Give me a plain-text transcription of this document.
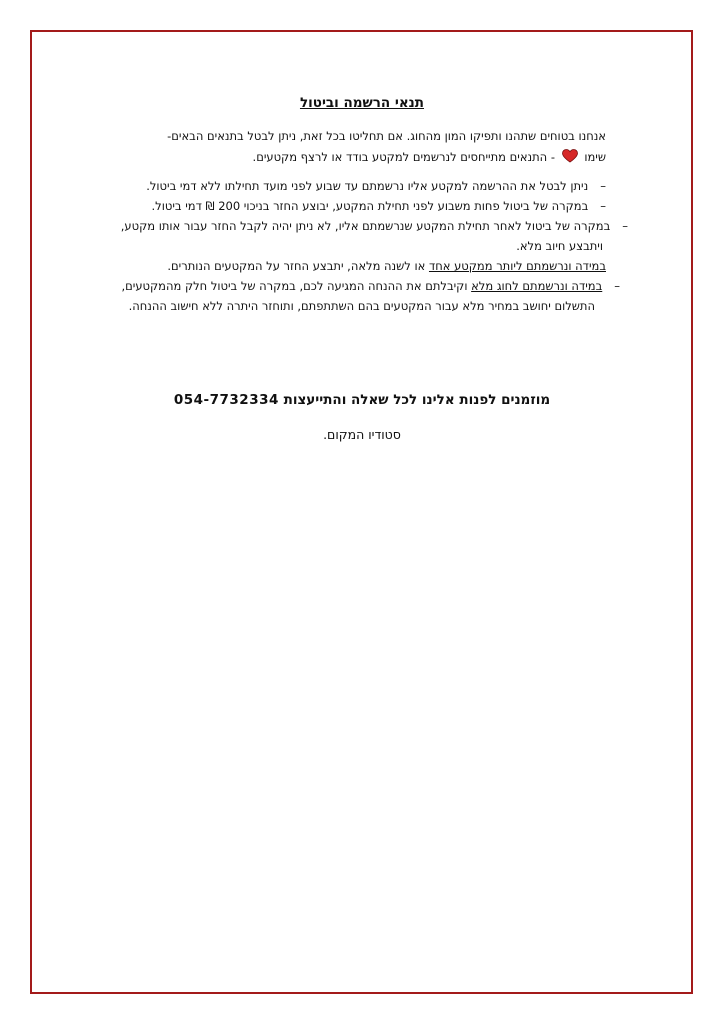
תנאי הרשמה וביטול
אנחנו בטוחים שתהנו ותפיקו המון מהחוג. אם תחליטו בכל זאת, ניתן לבטל בתנאים הבאים-
שימו  - התנאים מתייחסים לנרשמים למקטע בודד או לרצף מקטעים.
–ניתן לבטל את ההרשמה למקטע אליו נרשמתם עד שבוע לפני מועד תחילתו ללא דמי ביטול.
–במקרה של ביטול פחות משבוע לפני תחילת המקטע, יבוצע החזר בניכוי 200 ₪ דמי ביטול.
–במקרה של ביטול לאחר תחילת המקטע שנרשמתם אליו, לא ניתן יהיה לקבל החזר עבור אותו מקטע,
ויתבצע חיוב מלא.
במידה ונרשמתם ליותר ממקטע אחד או לשנה מלאה, יתבצע החזר על המקטעים הנותרים.
–במידה ונרשמתם לחוג מלא וקיבלתם את ההנחה המגיעה לכם, במקרה של ביטול חלק מהמקטעים,
התשלום יחושב במחיר מלא עבור המקטעים בהם השתתפתם, ותוחזר היתרה ללא חישוב ההנחה.
מוזמנים לפנות אלינו לכל שאלה והתייעצות 054-7732334
סטודיו המקום.
